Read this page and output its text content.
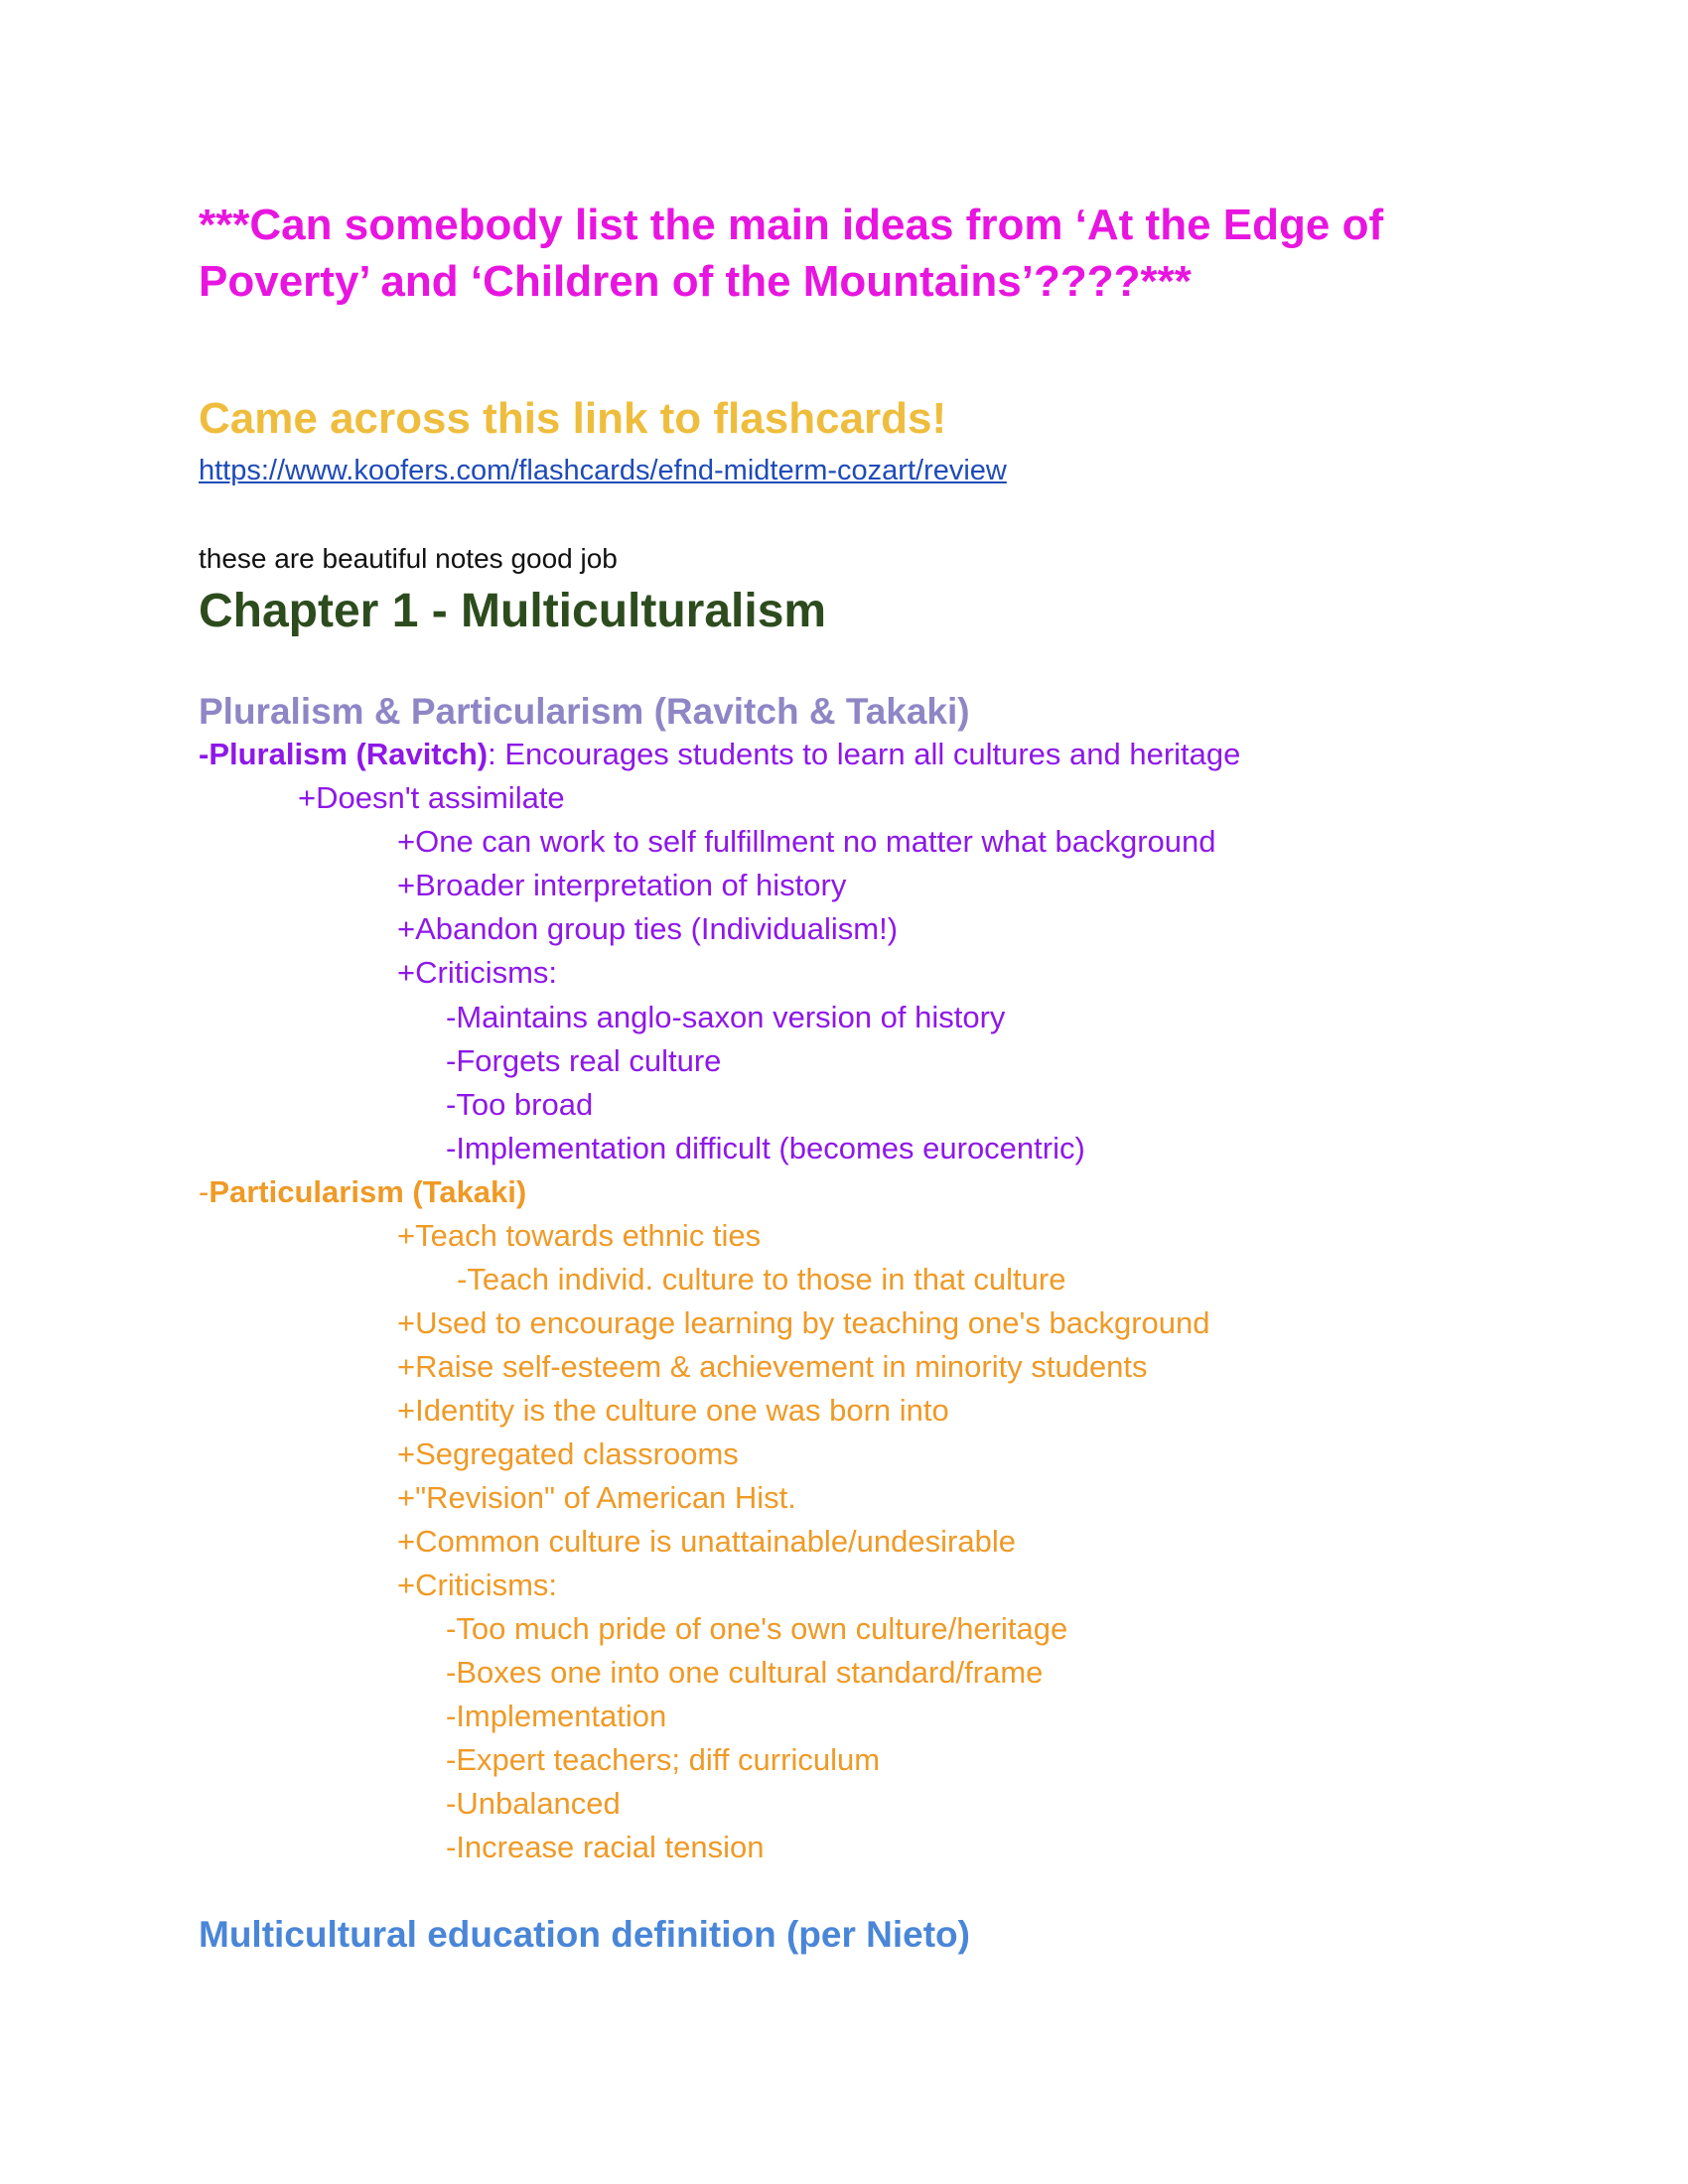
***Can somebody list the main ideas from ‘At the Edge of Poverty’ and ‘Children of the Mountains’????***
Came across this link to flashcards!
https://www.koofers.com/flashcards/efnd-midterm-cozart/review
these are beautiful notes good job
Chapter 1 - Multiculturalism
Pluralism & Particularism (Ravitch & Takaki)
-Pluralism (Ravitch): Encourages students to learn all cultures and heritage
+Doesn't assimilate
+One can work to self fulfillment no matter what background
+Broader interpretation of history
+Abandon group ties (Individualism!)
+Criticisms:
-Maintains anglo-saxon version of history
-Forgets real culture
-Too broad
-Implementation difficult (becomes eurocentric)
-Particularism (Takaki)
+Teach towards ethnic ties
-Teach individ. culture to those in that culture
+Used to encourage learning by teaching one's background
+Raise self-esteem & achievement in minority students
+Identity is the culture one was born into
+Segregated classrooms
+"Revision" of American Hist.
+Common culture is unattainable/undesirable
+Criticisms:
-Too much pride of one's own culture/heritage
-Boxes one into one cultural standard/frame
-Implementation
-Expert teachers; diff curriculum
-Unbalanced
-Increase racial tension
Multicultural education definition (per Nieto)
